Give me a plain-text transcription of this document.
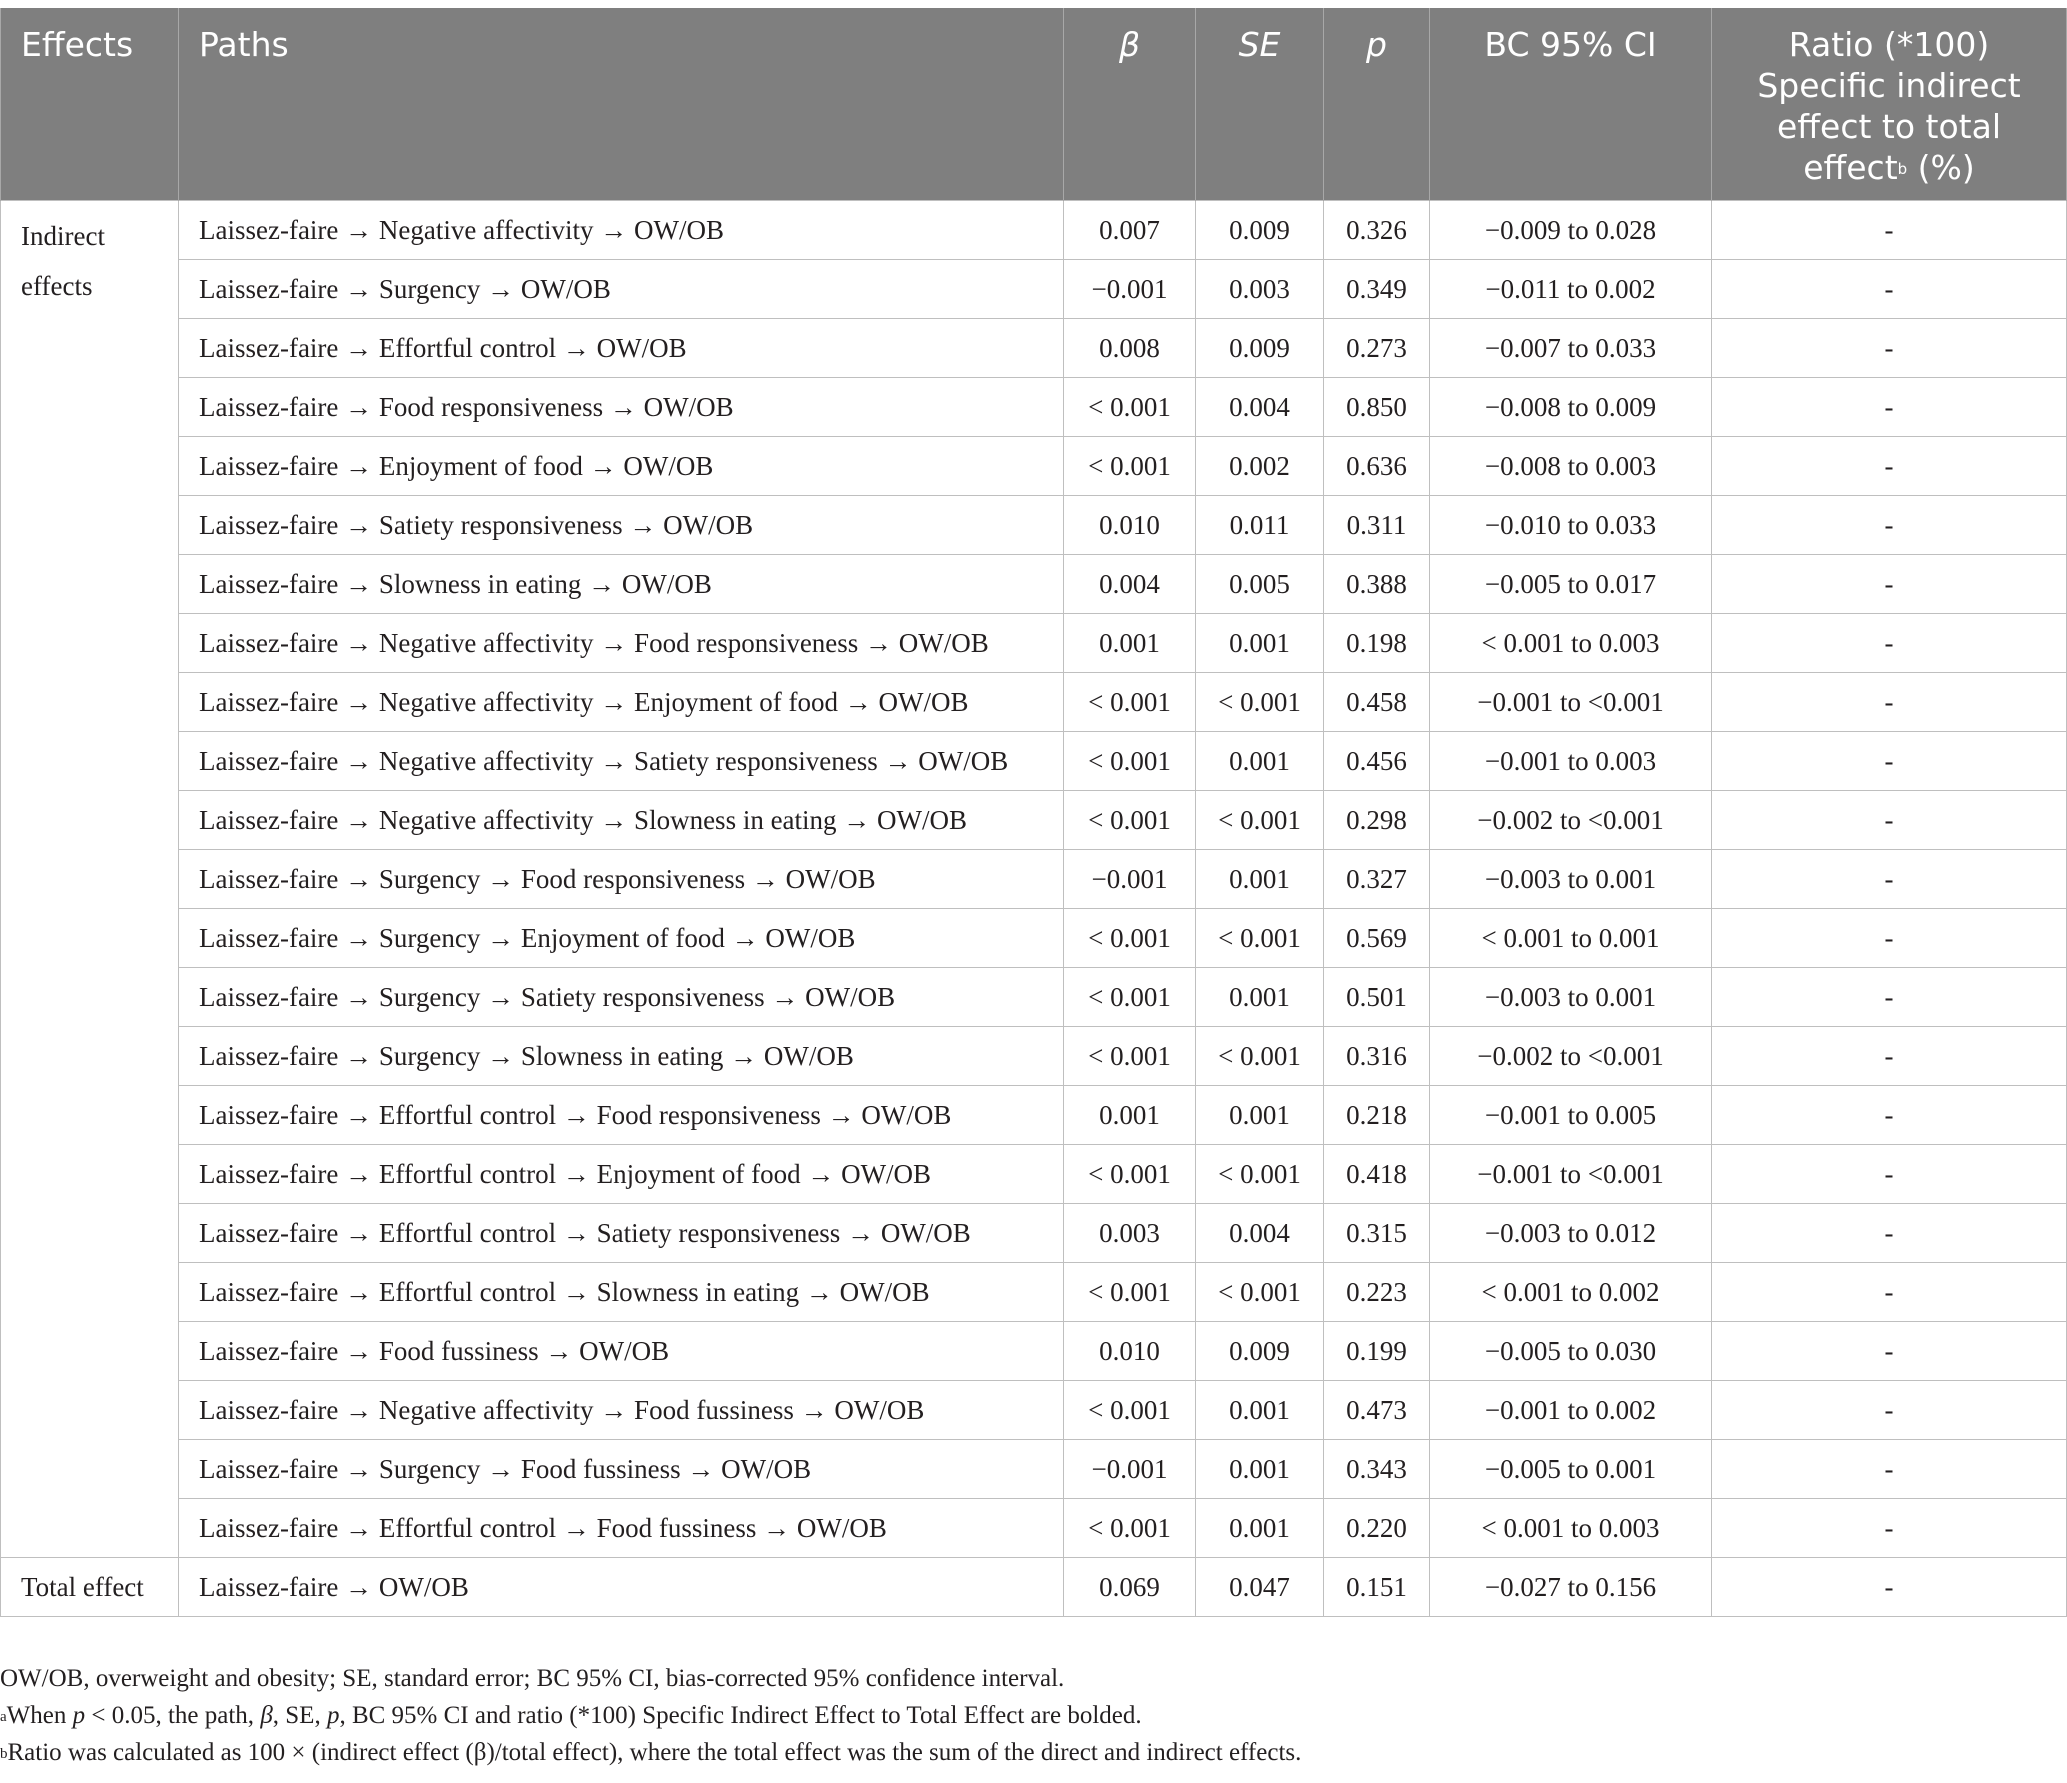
Effects	Paths	β	SE	p	BC 95% CI	Ratio (*100)
Specific indirect
effect to total
effect$^b$ (%)
Indirect effects	Laissez-faire → Negative affectivity → OW/OB	0.007	0.009	0.326	−0.009 to 0.028	-
	Laissez-faire → Surgency → OW/OB	−0.001	0.003	0.349	−0.011 to 0.002	-
	Laissez-faire → Effortful control → OW/OB	0.008	0.009	0.273	−0.007 to 0.033	-
	Laissez-faire → Food responsiveness → OW/OB	< 0.001	0.004	0.850	−0.008 to 0.009	-
	Laissez-faire → Enjoyment of food → OW/OB	< 0.001	0.002	0.636	−0.008 to 0.003	-
	Laissez-faire → Satiety responsiveness → OW/OB	0.010	0.011	0.311	−0.010 to 0.033	-
	Laissez-faire → Slowness in eating → OW/OB	0.004	0.005	0.388	−0.005 to 0.017	-
	Laissez-faire → Negative affectivity → Food responsiveness → OW/OB	0.001	0.001	0.198	< 0.001 to 0.003	-
	Laissez-faire → Negative affectivity → Enjoyment of food → OW/OB	< 0.001	< 0.001	0.458	−0.001 to <0.001	-
	Laissez-faire → Negative affectivity → Satiety responsiveness → OW/OB	< 0.001	0.001	0.456	−0.001 to 0.003	-
	Laissez-faire → Negative affectivity → Slowness in eating → OW/OB	< 0.001	< 0.001	0.298	−0.002 to <0.001	-
	Laissez-faire → Surgency → Food responsiveness → OW/OB	−0.001	0.001	0.327	−0.003 to 0.001	-
	Laissez-faire → Surgency → Enjoyment of food → OW/OB	< 0.001	< 0.001	0.569	< 0.001 to 0.001	-
	Laissez-faire → Surgency → Satiety responsiveness → OW/OB	< 0.001	0.001	0.501	−0.003 to 0.001	-
	Laissez-faire → Surgency → Slowness in eating → OW/OB	< 0.001	< 0.001	0.316	−0.002 to <0.001	-
	Laissez-faire → Effortful control → Food responsiveness → OW/OB	0.001	0.001	0.218	−0.001 to 0.005	-
	Laissez-faire → Effortful control → Enjoyment of food → OW/OB	< 0.001	< 0.001	0.418	−0.001 to <0.001	-
	Laissez-faire → Effortful control → Satiety responsiveness → OW/OB	0.003	0.004	0.315	−0.003 to 0.012	-
	Laissez-faire → Effortful control → Slowness in eating → OW/OB	< 0.001	< 0.001	0.223	< 0.001 to 0.002	-
	Laissez-faire → Food fussiness → OW/OB	0.010	0.009	0.199	−0.005 to 0.030	-
	Laissez-faire → Negative affectivity → Food fussiness → OW/OB	< 0.001	0.001	0.473	−0.001 to 0.002	-
	Laissez-faire → Surgency → Food fussiness → OW/OB	−0.001	0.001	0.343	−0.005 to 0.001	-
	Laissez-faire → Effortful control → Food fussiness → OW/OB	< 0.001	0.001	0.220	< 0.001 to 0.003	-
Total effect	Laissez-faire → OW/OB	0.069	0.047	0.151	−0.027 to 0.156	-

OW/OB, overweight and obesity; SE, standard error; BC 95% CI, bias-corrected 95% confidence interval.

$^a$When p < 0.05, the path, β, SE, p, BC 95% CI and ratio (*100) Specific Indirect Effect to Total Effect are bolded.

$^b$Ratio was calculated as 100 × (indirect effect (β)/total effect), where the total effect was the sum of the direct and indirect effects.
